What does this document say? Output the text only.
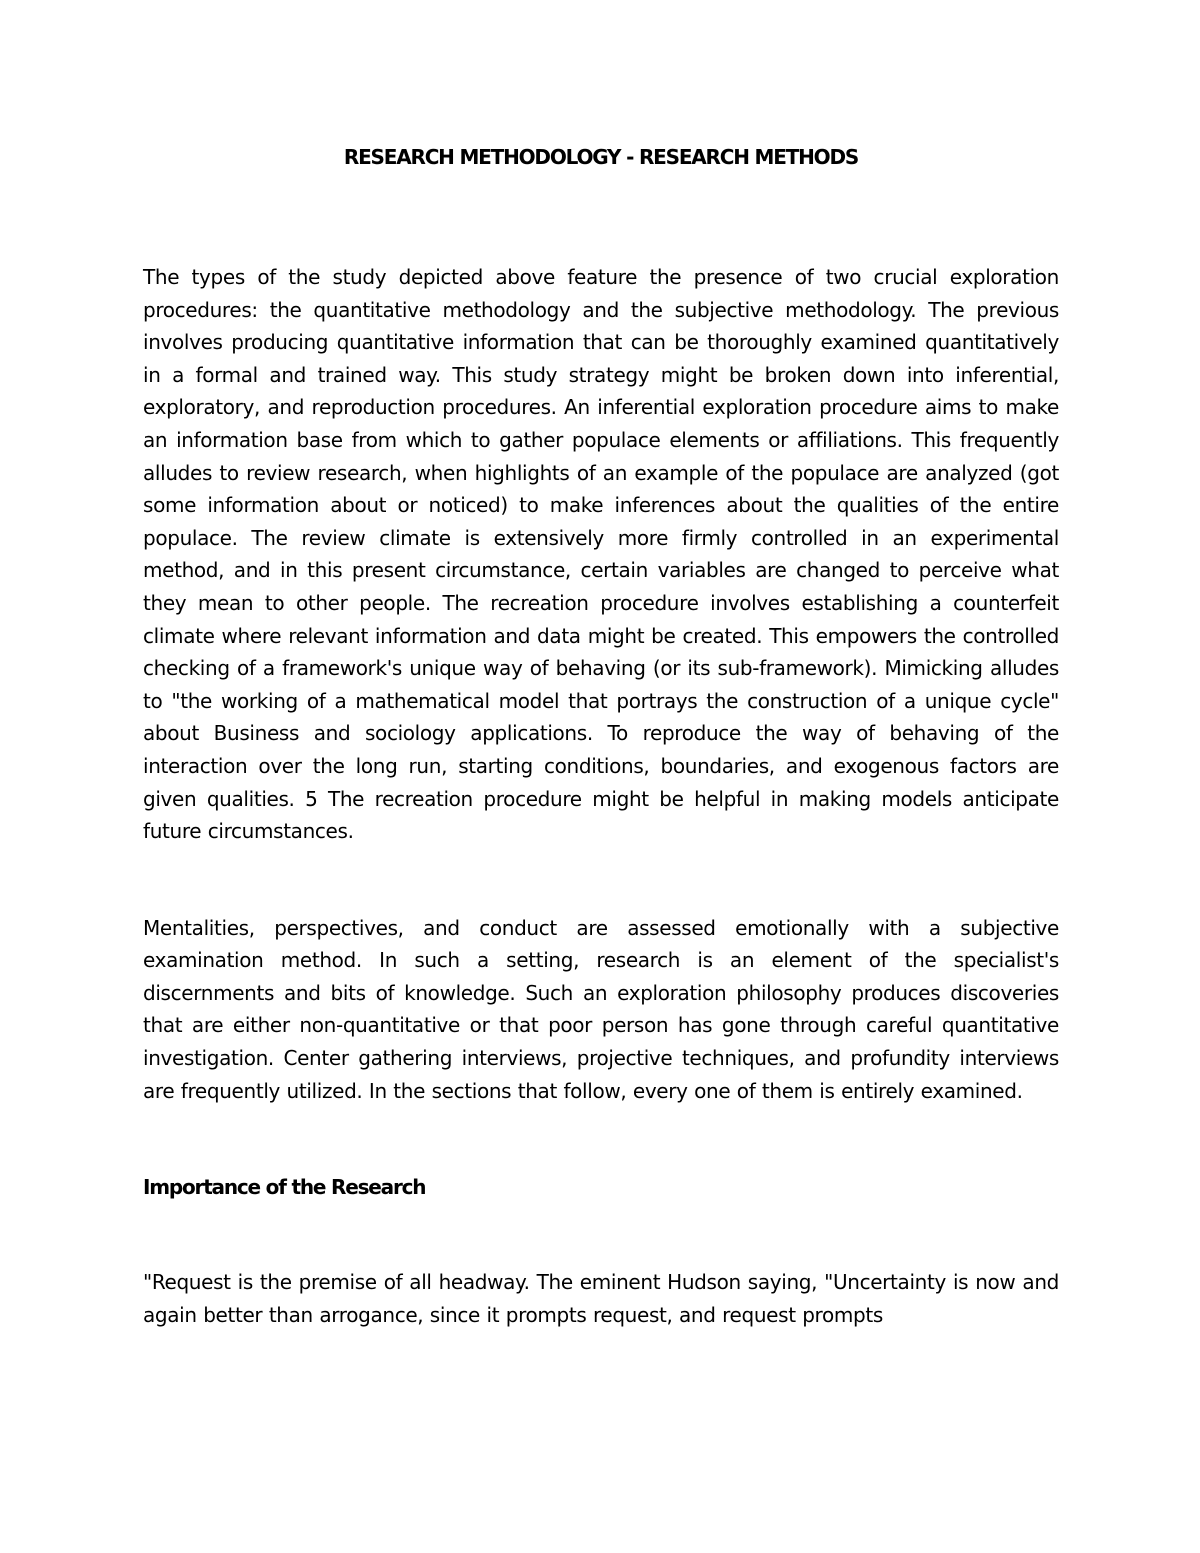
RESEARCH METHODOLOGY - RESEARCH METHODS

The types of the study depicted above feature the presence of two crucial exploration procedures: the quantitative methodology and the subjective methodology. The previous involves producing quantitative information that can be thoroughly examined quantitatively in a formal and trained way. This study strategy might be broken down into inferential, exploratory, and reproduction procedures. An inferential exploration procedure aims to make an information base from which to gather populace elements or affiliations. This frequently alludes to review research, when highlights of an example of the populace are analyzed (got some information about or noticed) to make inferences about the qualities of the entire populace. The review climate is extensively more firmly controlled in an experimental method, and in this present circumstance, certain variables are changed to perceive what they mean to other people. The recreation procedure involves establishing a counterfeit climate where relevant information and data might be created. This empowers the controlled checking of a framework's unique way of behaving (or its sub-framework). Mimicking alludes to "the working of a mathematical model that portrays the construction of a unique cycle" about Business and sociology applications. To reproduce the way of behaving of the interaction over the long run, starting conditions, boundaries, and exogenous factors are given qualities. 5 The recreation procedure might be helpful in making models anticipate future circumstances.

Mentalities, perspectives, and conduct are assessed emotionally with a subjective examination method. In such a setting, research is an element of the specialist's discernments and bits of knowledge. Such an exploration philosophy produces discoveries that are either non-quantitative or that poor person has gone through careful quantitative investigation. Center gathering interviews, projective techniques, and profundity interviews are frequently utilized. In the sections that follow, every one of them is entirely examined.

Importance of the Research

"Request is the premise of all headway. The eminent Hudson saying, "Uncertainty is now and again better than arrogance, since it prompts request, and request prompts
